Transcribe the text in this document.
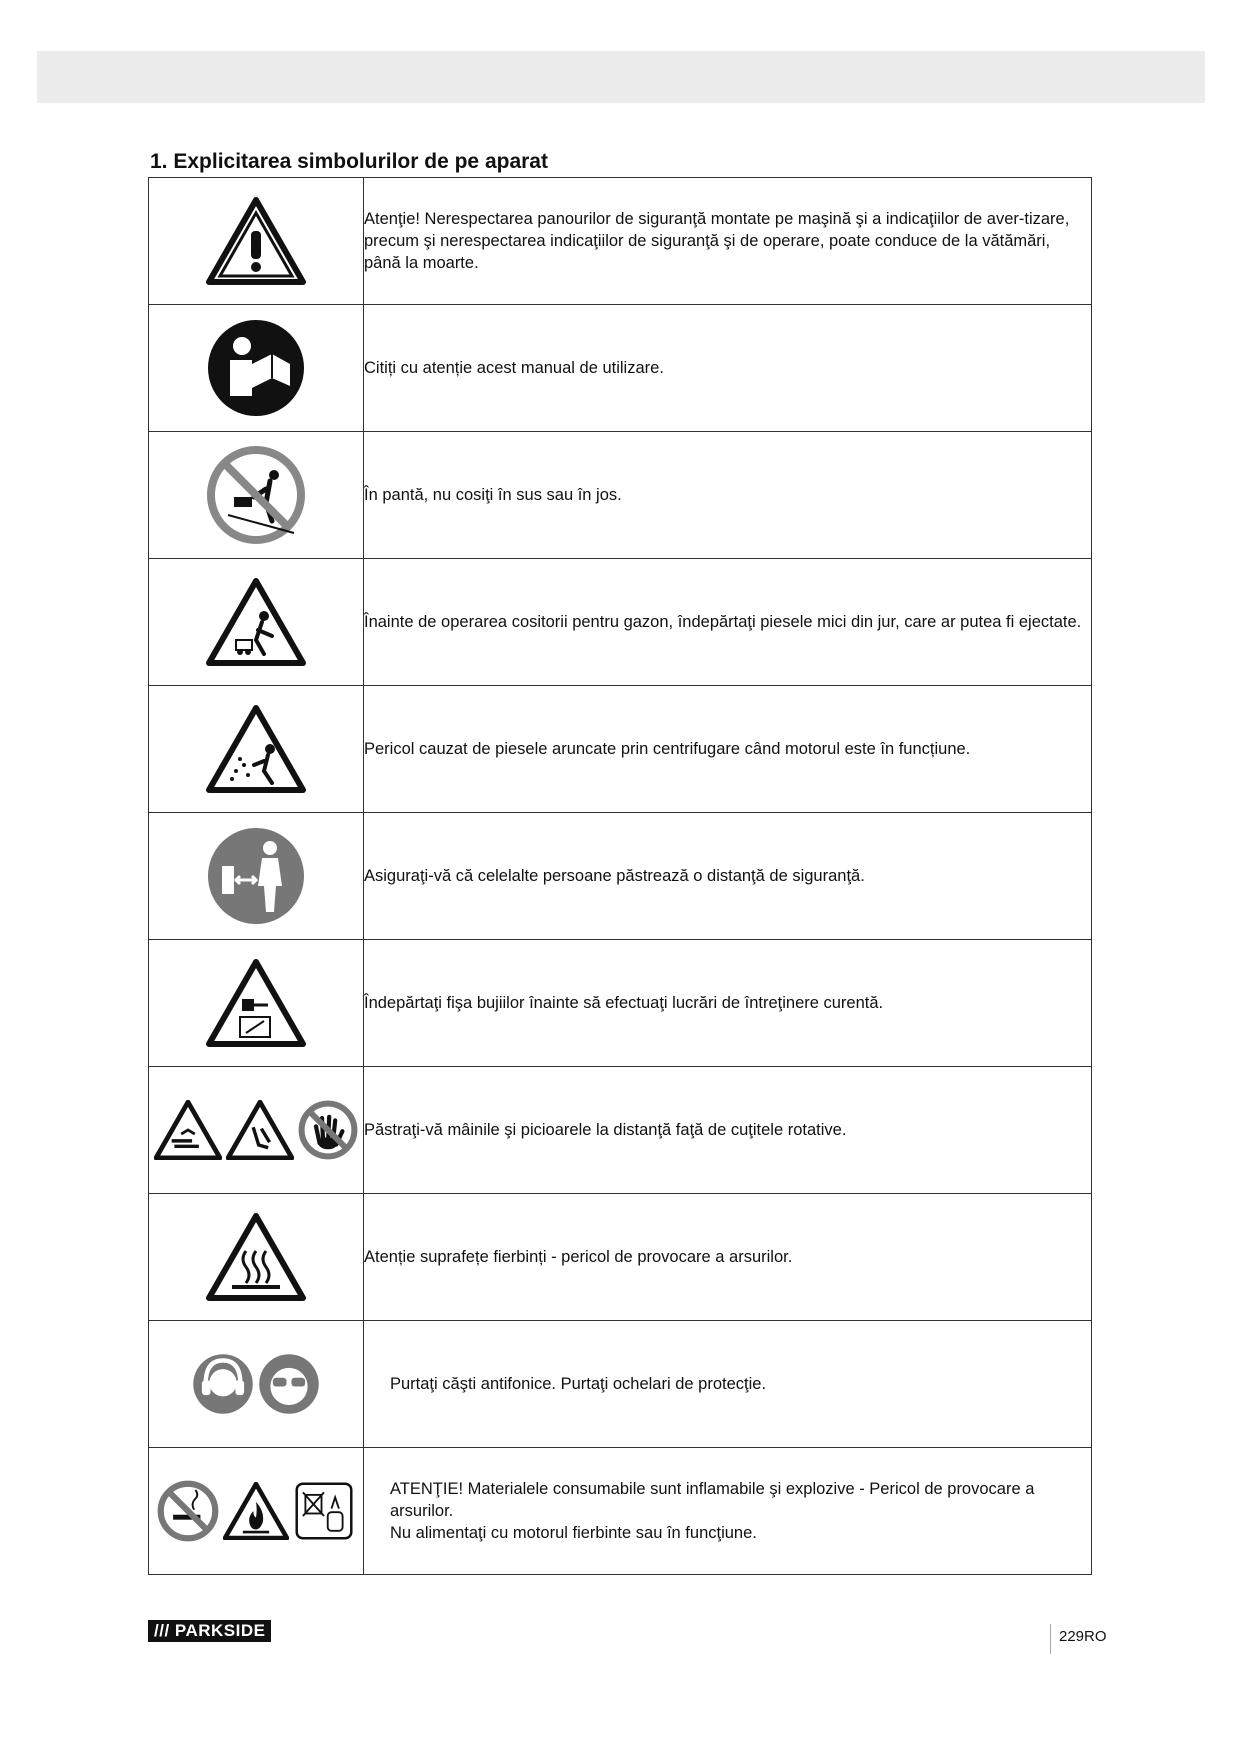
1. Explicitarea simbolurilor de pe aparat

Atenţie! Nerespectarea panourilor de siguranţă montate pe maşină şi a indicaţiilor de aver-tizare, precum şi nerespectarea indicaţiilor de siguranţă şi de operare, poate conduce de la vătămări, până la moarte.

Citiți cu atenție acest manual de utilizare.

În pantă, nu cosiţi în sus sau în jos.

Înainte de operarea cositorii pentru gazon, îndepărtaţi piesele mici din jur, care ar putea fi ejectate.

Pericol cauzat de piesele aruncate prin centrifugare când motorul este în funcțiune.

Asiguraţi-vă că celelalte persoane păstrează o distanţă de siguranţă.

Îndepărtaţi fişa bujiilor înainte să efectuaţi lucrări de întreţinere curentă.

Păstraţi-vă mâinile şi picioarele la distanţă faţă de cuţitele rotative.

Atenție suprafețe fierbinți - pericol de provocare a arsurilor.

Purtaţi căşti antifonice. Purtaţi ochelari de protecţie.

ATENŢIE! Materialele consumabile sunt inflamabile şi explozive - Pericol de provocare a arsurilor.
Nu alimentaţi cu motorul fierbinte sau în funcţiune.
/// PARKSIDE	229RO
